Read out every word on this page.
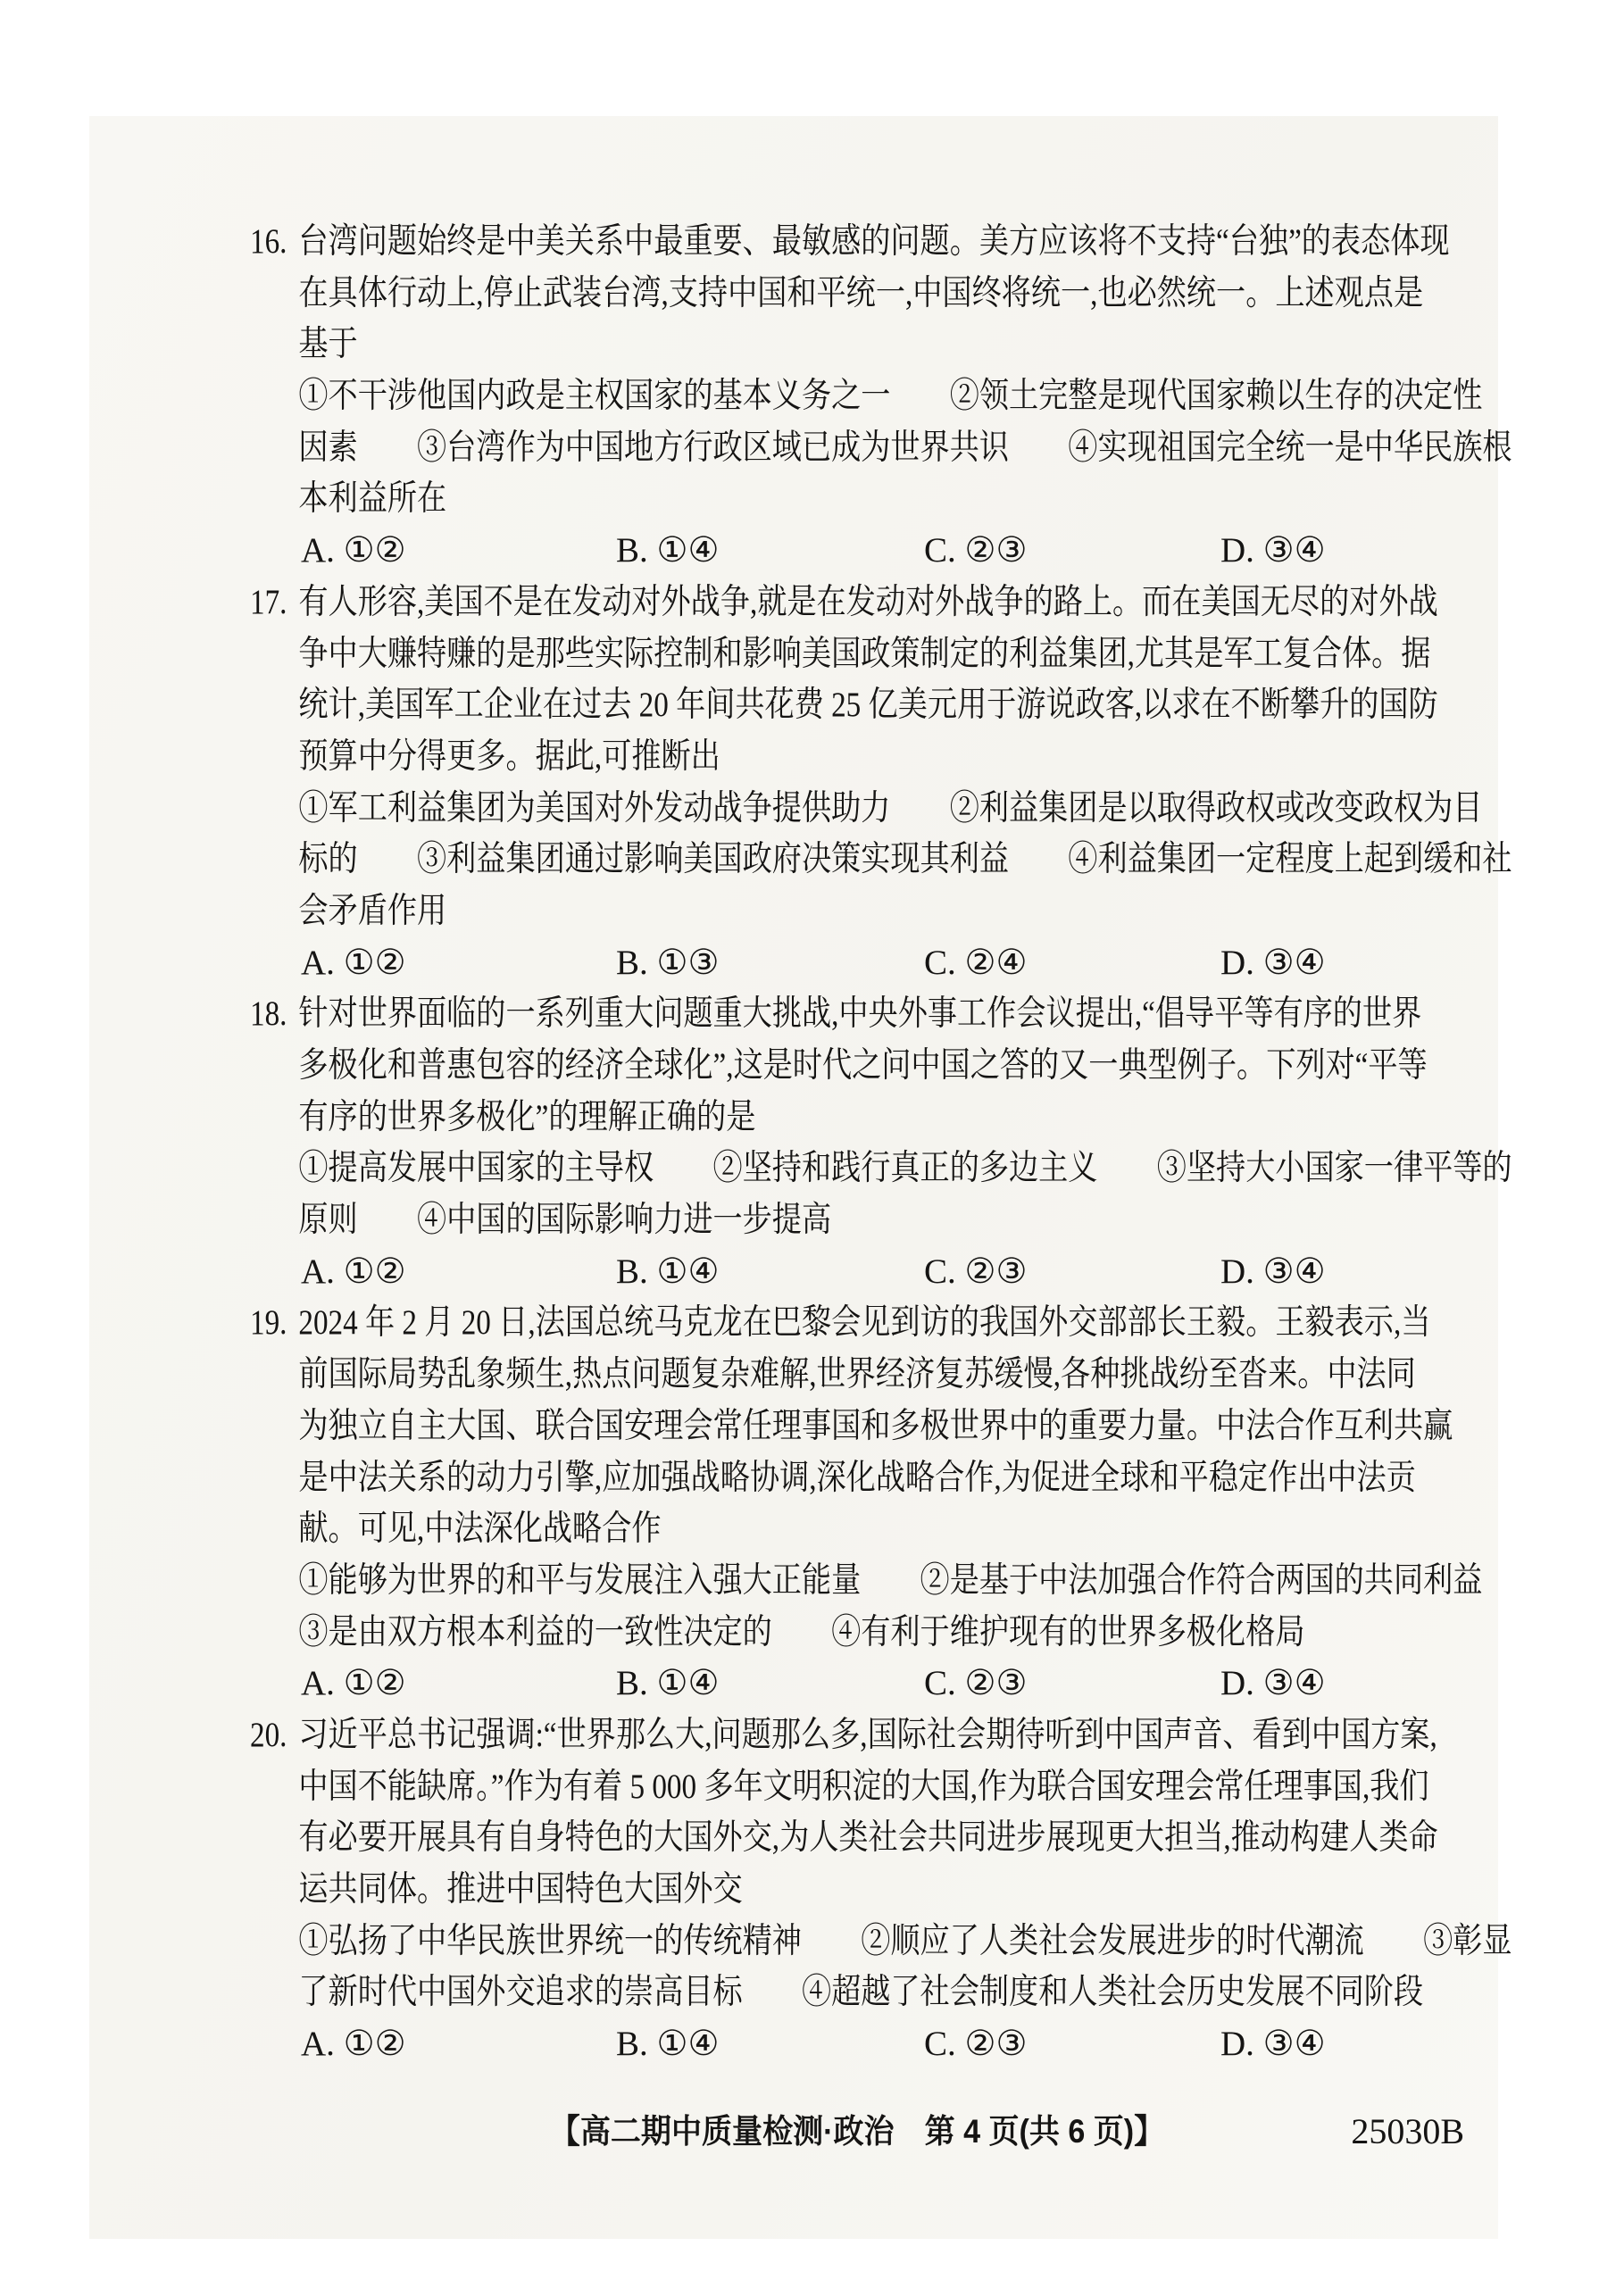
16. 台湾问题始终是中美关系中最重要、最敏感的问题。美方应该将不支持“台独”的表态体现
在具体行动上,停止武装台湾,支持中国和平统一,中国终将统一,也必然统一。上述观点是
基于
①不干涉他国内政是主权国家的基本义务之一　　②领土完整是现代国家赖以生存的决定性
因素　　③台湾作为中国地方行政区域已成为世界共识　　④实现祖国完全统一是中华民族根
本利益所在
A. ①②	B. ①④	C. ②③	D. ③④
17. 有人形容,美国不是在发动对外战争,就是在发动对外战争的路上。而在美国无尽的对外战
争中大赚特赚的是那些实际控制和影响美国政策制定的利益集团,尤其是军工复合体。据
统计,美国军工企业在过去 20 年间共花费 25 亿美元用于游说政客,以求在不断攀升的国防
预算中分得更多。据此,可推断出
①军工利益集团为美国对外发动战争提供助力　　②利益集团是以取得政权或改变政权为目
标的　　③利益集团通过影响美国政府决策实现其利益　　④利益集团一定程度上起到缓和社
会矛盾作用
A. ①②	B. ①③	C. ②④	D. ③④
18. 针对世界面临的一系列重大问题重大挑战,中央外事工作会议提出,“倡导平等有序的世界
多极化和普惠包容的经济全球化”,这是时代之问中国之答的又一典型例子。下列对“平等
有序的世界多极化”的理解正确的是
①提高发展中国家的主导权　　②坚持和践行真正的多边主义　　③坚持大小国家一律平等的
原则　　④中国的国际影响力进一步提高
A. ①②	B. ①④	C. ②③	D. ③④
19. 2024 年 2 月 20 日,法国总统马克龙在巴黎会见到访的我国外交部部长王毅。王毅表示,当
前国际局势乱象频生,热点问题复杂难解,世界经济复苏缓慢,各种挑战纷至沓来。中法同
为独立自主大国、联合国安理会常任理事国和多极世界中的重要力量。中法合作互利共赢
是中法关系的动力引擎,应加强战略协调,深化战略合作,为促进全球和平稳定作出中法贡
献。可见,中法深化战略合作
①能够为世界的和平与发展注入强大正能量　　②是基于中法加强合作符合两国的共同利益
③是由双方根本利益的一致性决定的　　④有利于维护现有的世界多极化格局
A. ①②	B. ①④	C. ②③	D. ③④
20. 习近平总书记强调:“世界那么大,问题那么多,国际社会期待听到中国声音、看到中国方案,
中国不能缺席。”作为有着 5 000 多年文明积淀的大国,作为联合国安理会常任理事国,我们
有必要开展具有自身特色的大国外交,为人类社会共同进步展现更大担当,推动构建人类命
运共同体。推进中国特色大国外交
①弘扬了中华民族世界统一的传统精神　　②顺应了人类社会发展进步的时代潮流　　③彰显
了新时代中国外交追求的崇高目标　　④超越了社会制度和人类社会历史发展不同阶段
A. ①②	B. ①④	C. ②③	D. ③④
【高二期中质量检测·政治　第 4 页(共 6 页)】	25030B
